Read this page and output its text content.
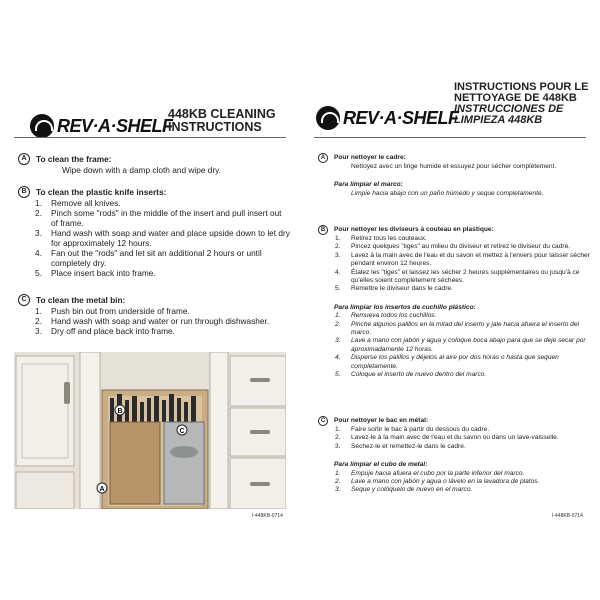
REV·A·SHELF
448KB CLEANING
INSTRUCTIONS
A	To clean the frame:
Wipe down with a damp cloth and wipe dry.
B	To clean the plastic knife inserts:
1.	Remove all knives.
2.	Pinch some "rods" in the middle of the insert and pull insert out of frame.
3.	Hand wash with soap and water and place upside down to let dry for approximately 12 hours.
4.	Fan out the "rods" and let sit an additional 2 hours or until completely dry.
5.	Place insert back into frame.
C	To clean the metal bin:
1.	Push bin out from underside of frame.
2.	Hand wash with soap and water or run through dishwasher.
3.	Dry off and place back into frame.
C
B
A
I-448KB-0714
REV·A·SHELF
INSTRUCTIONS POUR LE
NETTOYAGE DE 448KB
INSTRUCCIONES DE
LIMPIEZA 448KB
A	Pour nettoyer le cadre:
Nettoyez avec un linge humide et essuyez pour sécher complètement.
Para limpiar el marco:
Limpie hacia abajo con un paño húmedo y seque completamente.
B	Pour nettoyer les diviseurs à couteau en plastique:
1.	Retirez tous les couteaux.
2.	Pincez quelques "tiges" au milieu du diviseur et retirez le diviseur du cadre.
3.	Lavez à la main avec de l'eau et du savon et mettez à l'envers pour laisser sécher pendant environ 12 heures.
4.	Étalez les "tiges" et laissez les sécher 2 heures supplémentaires ou jusqu'à ce qu'elles soient complètement séchées.
5.	Remettre le diviseur dans le cadre.
Para limpiar los insertos de cuchillo plástico:
1.	Remueva todos los cuchillos.
2.	Pinche algunos palillos en la mitad del inserto y jale hacia afuera el inserto del marco.
3.	Lave a mano con jabón y agua y coloque boca abajo para que se deje secar por aproximadamente 12 horas.
4.	Disperse los palillos y déjelos al aire por dos horas o hasta que sequen completamente.
5.	Coloque el inserto de nuevo dentro del marco.
C	Pour nettoyer le bac en métal:
1.	Faire sortir le bac à partir du dessous du cadre.
2.	Lavez-le à la main avec de l'eau et du savon ou dans un lave-vaisselle.
3.	Séchez-le et remettez-le dans le cadre.
Para limpiar el cubo de metal:
1.	Empuje hacia afuera el cubo por la parte inferior del marco.
2.	Lave a mano con jabón y agua o lávelo en la lavadora de platos.
3.	Seque y colóquelo de nuevo en el marco.
I-448KB-0714
